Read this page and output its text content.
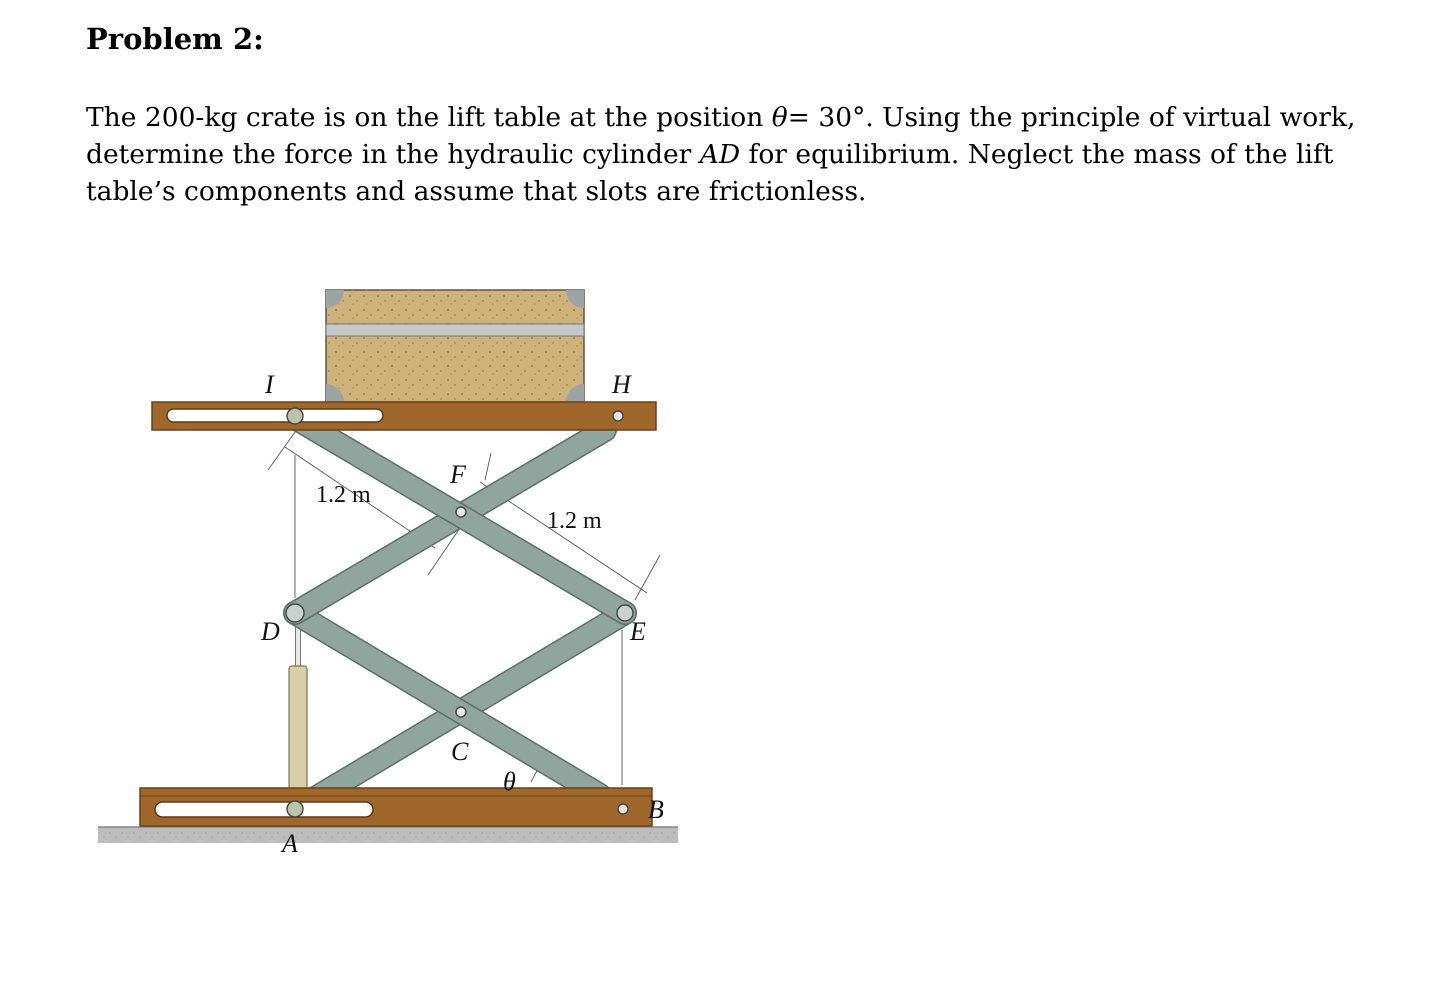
Problem 2:

The 200-kg crate is on the lift table at the position θ= 30°. Using the principle of virtual work, determine the force in the hydraulic cylinder AD for equilibrium. Neglect the mass of the lift table’s components and assume that slots are frictionless.

I	H
F
D	E
C
θ
A
B
1.2 m
1.2 m
